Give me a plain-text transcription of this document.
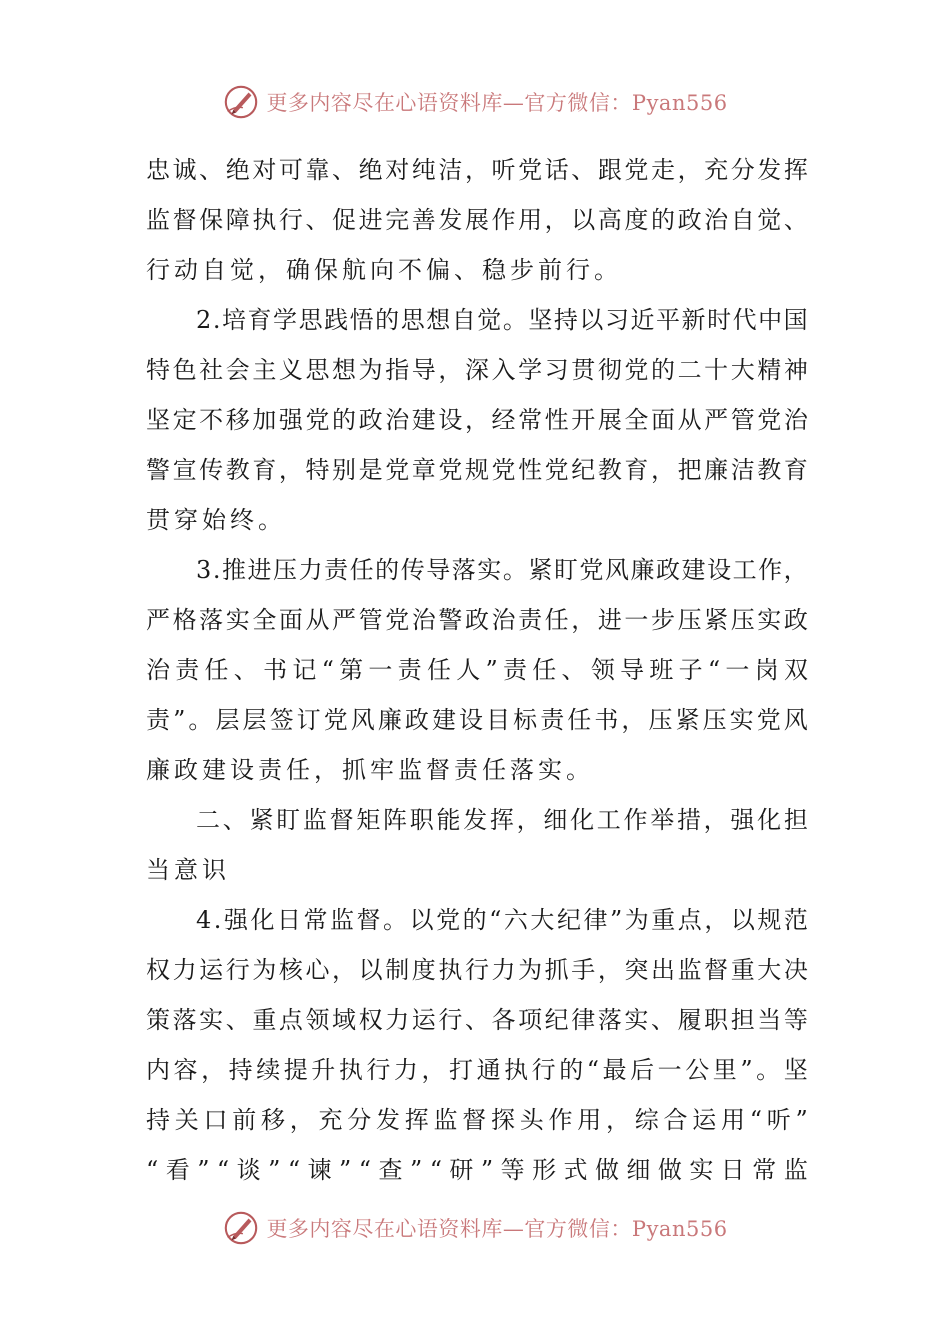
更多内容尽在心语资料库—官方微信：Pyan556
忠 诚 、 绝 对 可 靠 、 绝 对 纯 洁 ， 听 党 话 、 跟 党 走 ， 充 分 发 挥
监 督 保 障 执 行 、 促 进 完 善 发 展 作 用 ， 以 高 度 的 政 治 自 觉 、
行动自觉，确保航向不偏、稳步前行。
2 . 培 育 学 思 践 悟 的 思 想 自 觉 。 坚 持 以 习 近 平 新 时 代 中 国
特 色 社 会 主 义 思 想 为 指 导 ， 深 入 学 习 贯 彻 党 的 二 十 大 精 神
坚 定 不 移 加 强 党 的 政 治 建 设 ， 经 常 性 开 展 全 面 从 严 管 党 治
警 宣 传 教 育 ， 特 别 是 党 章 党 规 党 性 党 纪 教 育 ， 把 廉 洁 教 育
贯穿始终。
3 . 推 进 压 力 责 任 的 传 导 落 实 。 紧 盯 党 风 廉 政 建 设 工 作 ，
严 格 落 实 全 面 从 严 管 党 治 警 政 治 责 任 ， 进 一 步 压 紧 压 实 政
治 责 任 、 书 记 “ 第 一 责 任 人 ” 责 任 、 领 导 班 子 “ 一 岗 双
责 ” 。 层 层 签 订 党 风 廉 政 建 设 目 标 责 任 书 ， 压 紧 压 实 党 风
廉政建设责任，抓牢监督责任落实。
二 、 紧 盯 监 督 矩 阵 职 能 发 挥 ， 细 化 工 作 举 措 ， 强 化 担
当意识
4 . 强 化 日 常 监 督 。 以 党 的 “ 六 大 纪 律 ” 为 重 点 ， 以 规 范
权 力 运 行 为 核 心 ， 以 制 度 执 行 力 为 抓 手 ， 突 出 监 督 重 大 决
策 落 实 、 重 点 领 域 权 力 运 行 、 各 项 纪 律 落 实 、 履 职 担 当 等
内 容 ， 持 续 提 升 执 行 力 ， 打 通 执 行 的 “ 最 后 一 公 里 ” 。 坚
持 关 口 前 移 ， 充 分 发 挥 监 督 探 头 作 用 ， 综 合 运 用 “ 听 ”
“ 看 ” “ 谈 ” “ 谏 ” “ 查 ” “ 研 ” 等 形 式 做 细 做 实 日 常 监
更多内容尽在心语资料库—官方微信：Pyan556
